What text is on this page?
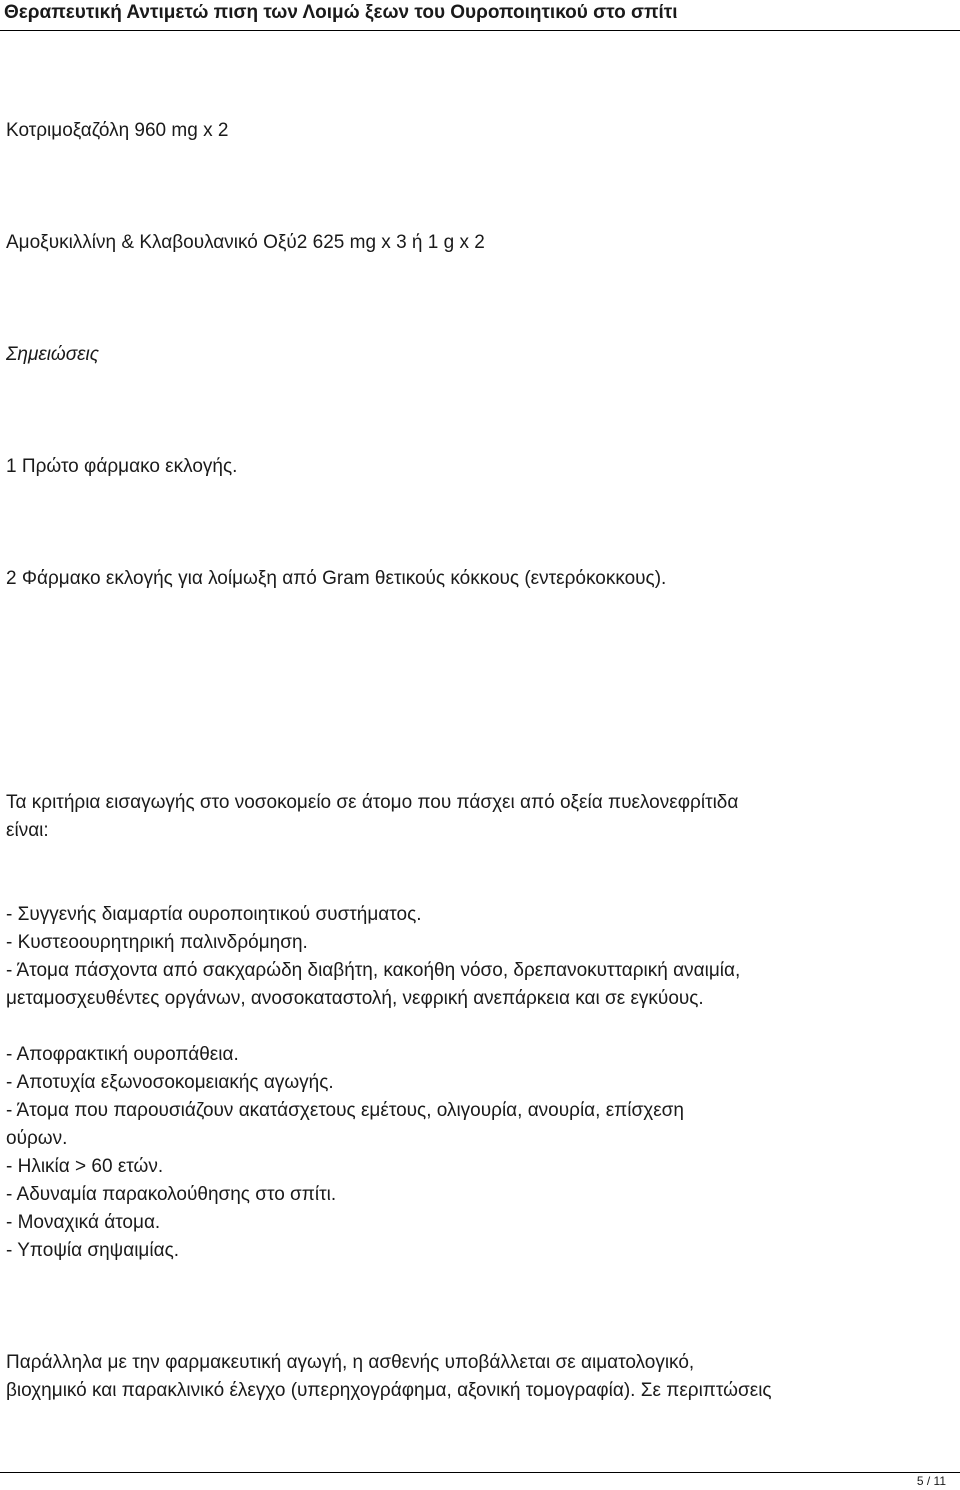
Θεραπευτική Αντιμετώ πιση των Λοιμώ ξεων του Ουροποιητικού στο σπίτι
Κοτριμοξαζόλη 960 mg x 2
Αμοξυκιλλίνη & Κλαβουλανικό Οξύ2 625 mg x 3 ή 1 g x 2
Σημειώσεις
1 Πρώτο φάρμακο εκλογής.
2 Φάρμακο εκλογής για λοίμωξη από Gram θετικούς κόκκους (εντερόκοκκους).
Τα κριτήρια εισαγωγής στο νοσοκομείο σε άτομο που πάσχει από οξεία πυελονεφρίτιδα
είναι:
- Συγγενής διαμαρτία ουροποιητικού συστήματος.
- Κυστεοουρητηρική παλινδρόμηση.
- Άτομα πάσχοντα από σακχαρώδη διαβήτη, κακοήθη νόσο, δρεπανοκυτταρική αναιμία,
μεταμοσχευθέντες οργάνων, ανοσοκαταστολή, νεφρική ανεπάρκεια και σε εγκύους.
- Αποφρακτική ουροπάθεια.
- Αποτυχία εξωνοσοκομειακής αγωγής.
- Άτομα που παρουσιάζουν ακατάσχετους εμέτους, ολιγουρία, ανουρία, επίσχεση
ούρων.
- Ηλικία > 60 ετών.
- Αδυναμία παρακολούθησης στο σπίτι.
- Μοναχικά άτομα.
- Υποψία σηψαιμίας.
Παράλληλα με την φαρμακευτική αγωγή, η ασθενής υποβάλλεται σε αιματολογικό,
βιοχημικό και παρακλινικό έλεγχο (υπερηχογράφημα, αξονική τομογραφία). Σε περιπτώσεις
5 / 11
